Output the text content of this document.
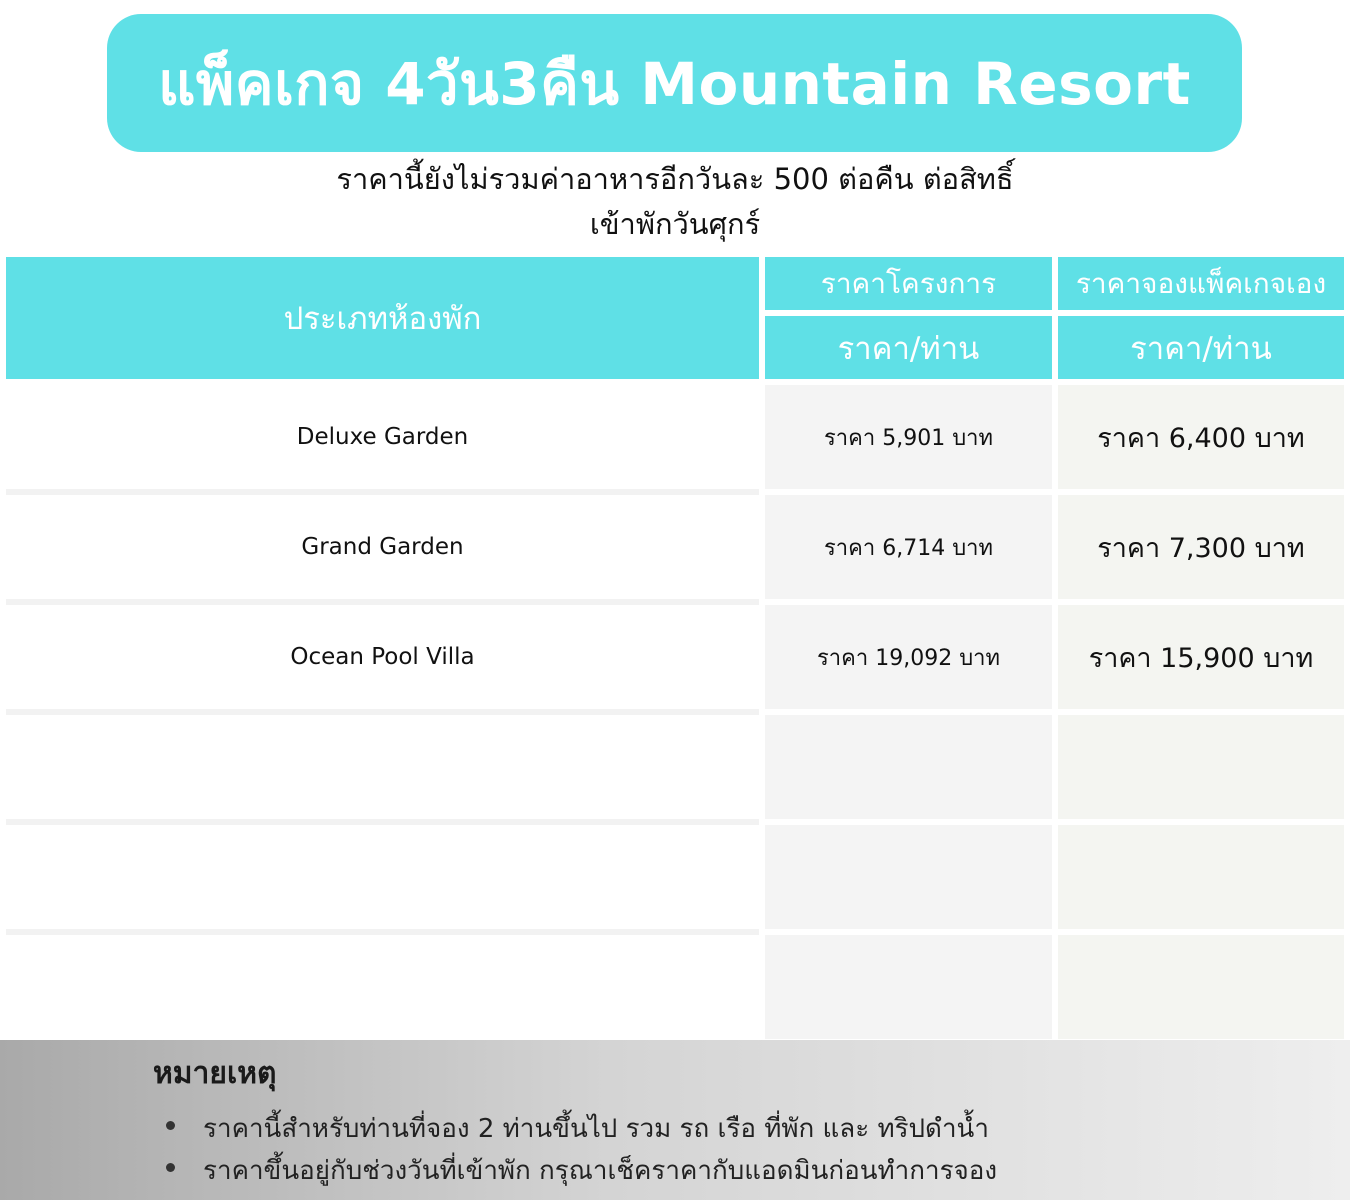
แพ็คเกจ 4วัน3คืน Mountain Resort
ราคานี้ยังไม่รวมค่าอาหารอีกวันละ 500 ต่อคืน ต่อสิทธิ์
เข้าพักวันศุกร์
ประเภทห้องพัก
ราคาโครงการ	ราคาจองแพ็คเกจเอง
ราคา/ท่าน	ราคา/ท่าน
Deluxe Garden	ราคา 5,901 บาท	ราคา 6,400 บาท
Grand Garden	ราคา 6,714 บาท	ราคา 7,300 บาท
Ocean Pool Villa	ราคา 19,092 บาท	ราคา 15,900 บาท
หมายเหตุ
ราคานี้สำหรับท่านที่จอง 2 ท่านขึ้นไป รวม รถ เรือ ที่พัก และ ทริปดำน้ำ
ราคาขึ้นอยู่กับช่วงวันที่เข้าพัก กรุณาเช็คราคากับแอดมินก่อนทำการจอง
